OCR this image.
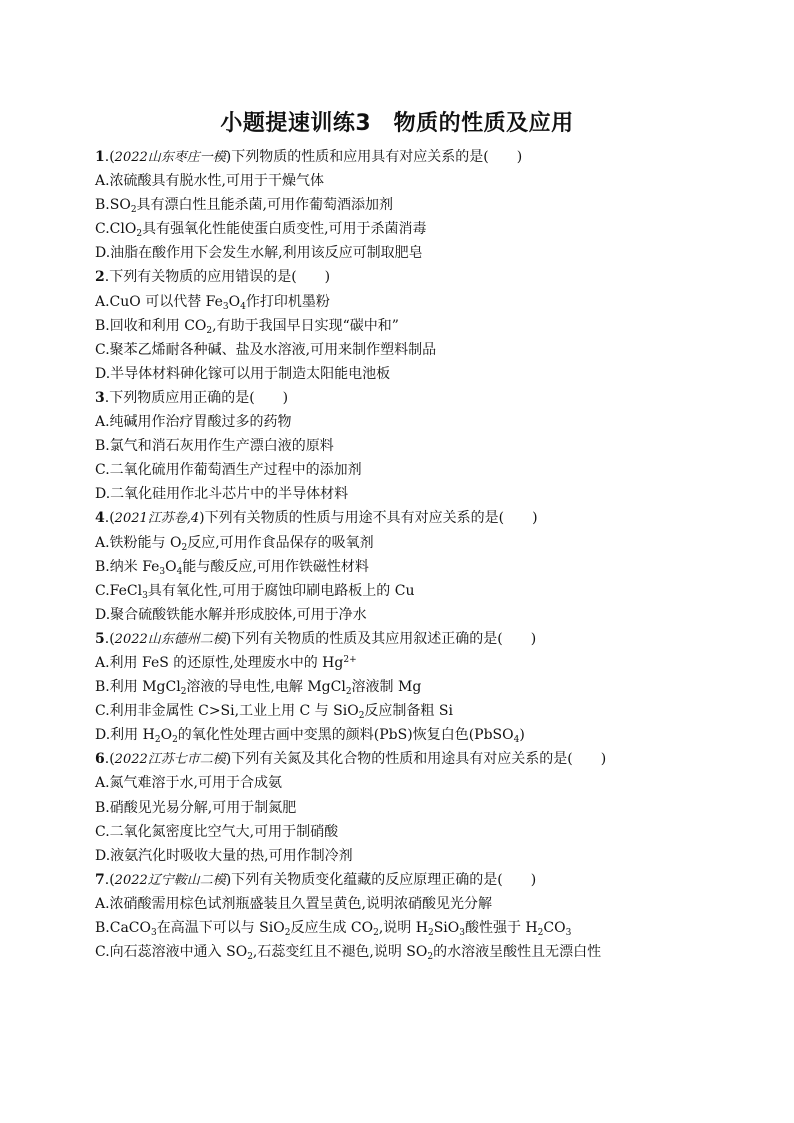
小题提速训练3　物质的性质及应用
1.(2022山东枣庄一模)下列物质的性质和应用具有对应关系的是(　　)
A.浓硫酸具有脱水性,可用于干燥气体
$B.SO_2$具有漂白性且能杀菌,可用作葡萄酒添加剂
C.ClO$_2$具有强氧化性能使蛋白质变性,可用于杀菌消毒
D.油脂在酸作用下会发生水解,利用该反应可制取肥皂
2.下列有关物质的应用错误的是(　　)
A.CuO 可以代替 $Fe_3O_4$作打印机墨粉
B.回收和利用 $CO_2$,有助于我国早日实现“碳中和”
C.聚苯乙烯耐各种碱、盐及水溶液,可用来制作塑料制品
D.半导体材料砷化镓可以用于制造太阳能电池板
3.下列物质应用正确的是(　　)
A.纯碱用作治疗胃酸过多的药物
B.氯气和消石灰用作生产漂白液的原料
C.二氧化硫用作葡萄酒生产过程中的添加剂
D.二氧化硅用作北斗芯片中的半导体材料
4.(2021江苏卷,4)下列有关物质的性质与用途不具有对应关系的是(　　)
A.铁粉能与 $O_2$反应,可用作食品保存的吸氧剂
B.纳米 $Fe_3O_4$能与酸反应,可用作铁磁性材料
C.FeCl$_3$具有氧化性,可用于腐蚀印刷电路板上的 Cu
D.聚合硫酸铁能水解并形成胶体,可用于净水
5.(2022山东德州二模)下列有关物质的性质及其应用叙述正确的是(　　)
A.利用 FeS 的还原性,处理废水中的 $Hg^{2+}$
B.利用 MgCl$_2$溶液的导电性,电解 MgCl$_2$溶液制 Mg
C.利用非金属性 C>Si,工业上用 C 与 SiO$_2$反应制备粗 Si
D.利用 $H_2O_2$的氧化性处理古画中变黑的颜料(PbS)恢复白色(PbSO$_4$)
6.(2022江苏七市二模)下列有关氮及其化合物的性质和用途具有对应关系的是(　　)
A.氮气难溶于水,可用于合成氨
B.硝酸见光易分解,可用于制氮肥
C.二氧化氮密度比空气大,可用于制硝酸
D.液氨汽化时吸收大量的热,可用作制冷剂
7.(2022辽宁鞍山二模)下列有关物质变化蕴藏的反应原理正确的是(　　)
A.浓硝酸需用棕色试剂瓶盛装且久置呈黄色,说明浓硝酸见光分解
B.CaCO$_3$在高温下可以与 SiO$_2$反应生成 $CO_2$,说明 $H_2SiO_3$酸性强于 $H_2CO_3$
C.向石蕊溶液中通入 $SO_2$,石蕊变红且不褪色,说明 $SO_2$的水溶液呈酸性且无漂白性
